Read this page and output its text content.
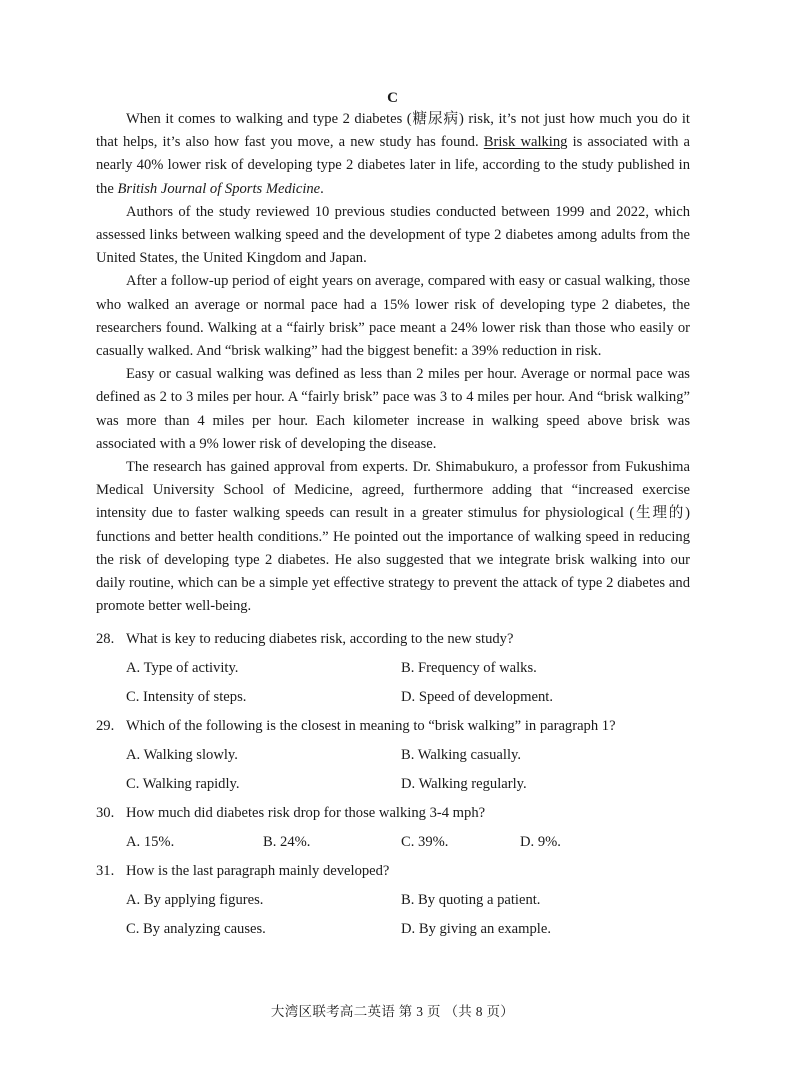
C

When it comes to walking and type 2 diabetes (糖尿病) risk, it’s not just how much you do it that helps, it’s also how fast you move, a new study has found. Brisk walking is associated with a nearly 40% lower risk of developing type 2 diabetes later in life, according to the study published in the British Journal of Sports Medicine.

Authors of the study reviewed 10 previous studies conducted between 1999 and 2022, which assessed links between walking speed and the development of type 2 diabetes among adults from the United States, the United Kingdom and Japan.

After a follow-up period of eight years on average, compared with easy or casual walking, those who walked an average or normal pace had a 15% lower risk of developing type 2 diabetes, the researchers found. Walking at a “fairly brisk” pace meant a 24% lower risk than those who easily or casually walked. And “brisk walking” had the biggest benefit: a 39% reduction in risk.

Easy or casual walking was defined as less than 2 miles per hour. Average or normal pace was defined as 2 to 3 miles per hour. A “fairly brisk” pace was 3 to 4 miles per hour. And “brisk walking” was more than 4 miles per hour. Each kilometer increase in walking speed above brisk was associated with a 9% lower risk of developing the disease.

The research has gained approval from experts. Dr. Shimabukuro, a professor from Fukushima Medical University School of Medicine, agreed, furthermore adding that “increased exercise intensity due to faster walking speeds can result in a greater stimulus for physiological (生理的) functions and better health conditions.” He pointed out the importance of walking speed in reducing the risk of developing type 2 diabetes. He also suggested that we integrate brisk walking into our daily routine, which can be a simple yet effective strategy to prevent the attack of type 2 diabetes and promote better well-being.

28. What is key to reducing diabetes risk, according to the new study?
A. Type of activity.	B. Frequency of walks.
C. Intensity of steps.	D. Speed of development.
29. Which of the following is the closest in meaning to “brisk walking” in paragraph 1?
A. Walking slowly.	B. Walking casually.
C. Walking rapidly.	D. Walking regularly.
30. How much did diabetes risk drop for those walking 3-4 mph?
A. 15%.	B. 24%.	C. 39%.	D. 9%.
31. How is the last paragraph mainly developed?
A. By applying figures.	B. By quoting a patient.
C. By analyzing causes.	D. By giving an example.
大湾区联考高二英语 第 3 页 （共 8 页）
